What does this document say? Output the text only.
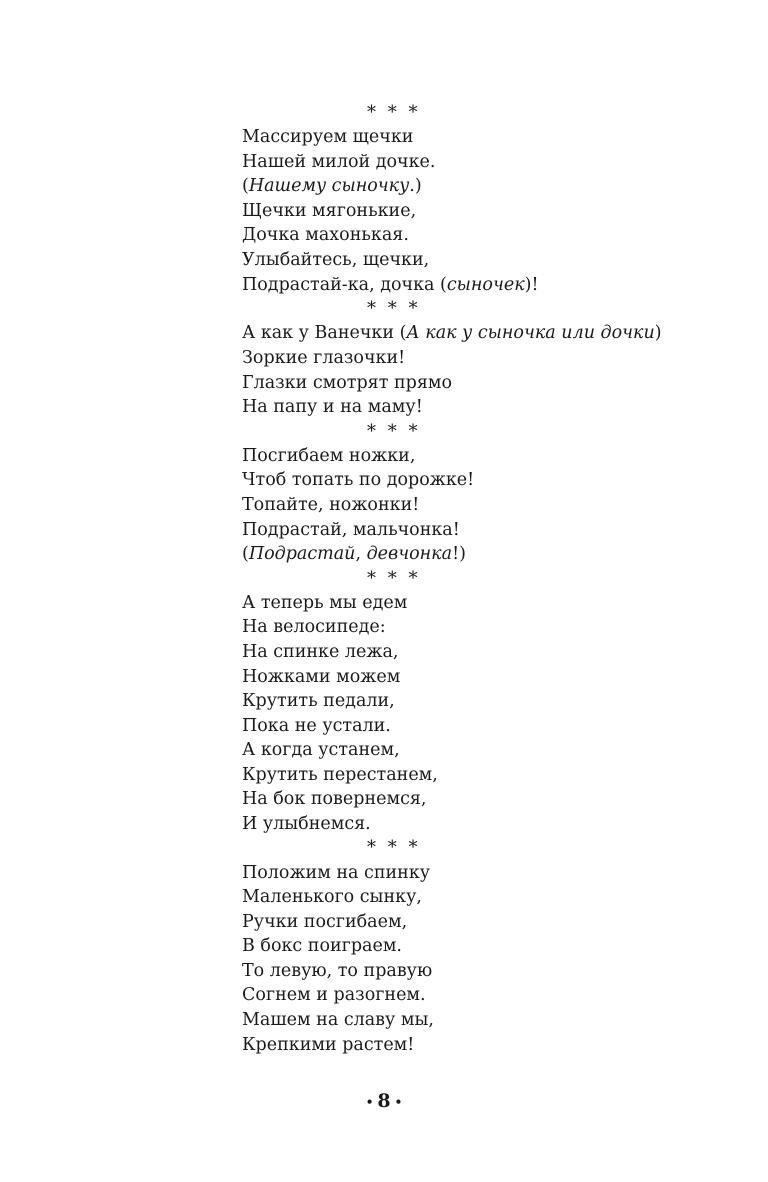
* * *
Массируем щечки
Нашей милой дочке.
(Нашему сыночку.)
Щечки мягонькие,
Дочка махонькая.
Улыбайтесь, щечки,
Подрастай-ка, дочка (сыночек)!
* * *
А как у Ванечки (А как у сыночка или дочки)
Зоркие глазочки!
Глазки смотрят прямо
На папу и на маму!
* * *
Посгибаем ножки,
Чтоб топать по дорожке!
Топайте, ножонки!
Подрастай, мальчонка!
(Подрастай, девчонка!)
* * *
А теперь мы едем
На велосипеде:
На спинке лежа,
Ножками можем
Крутить педали,
Пока не устали.
А когда устанем,
Крутить перестанем,
На бок повернемся,
И улыбнемся.
* * *
Положим на спинку
Маленького сынку,
Ручки посгибаем,
В бокс поиграем.
То левую, то правую
Согнем и разогнем.
Машем на славу мы,
Крепкими растем!
• 8 •
